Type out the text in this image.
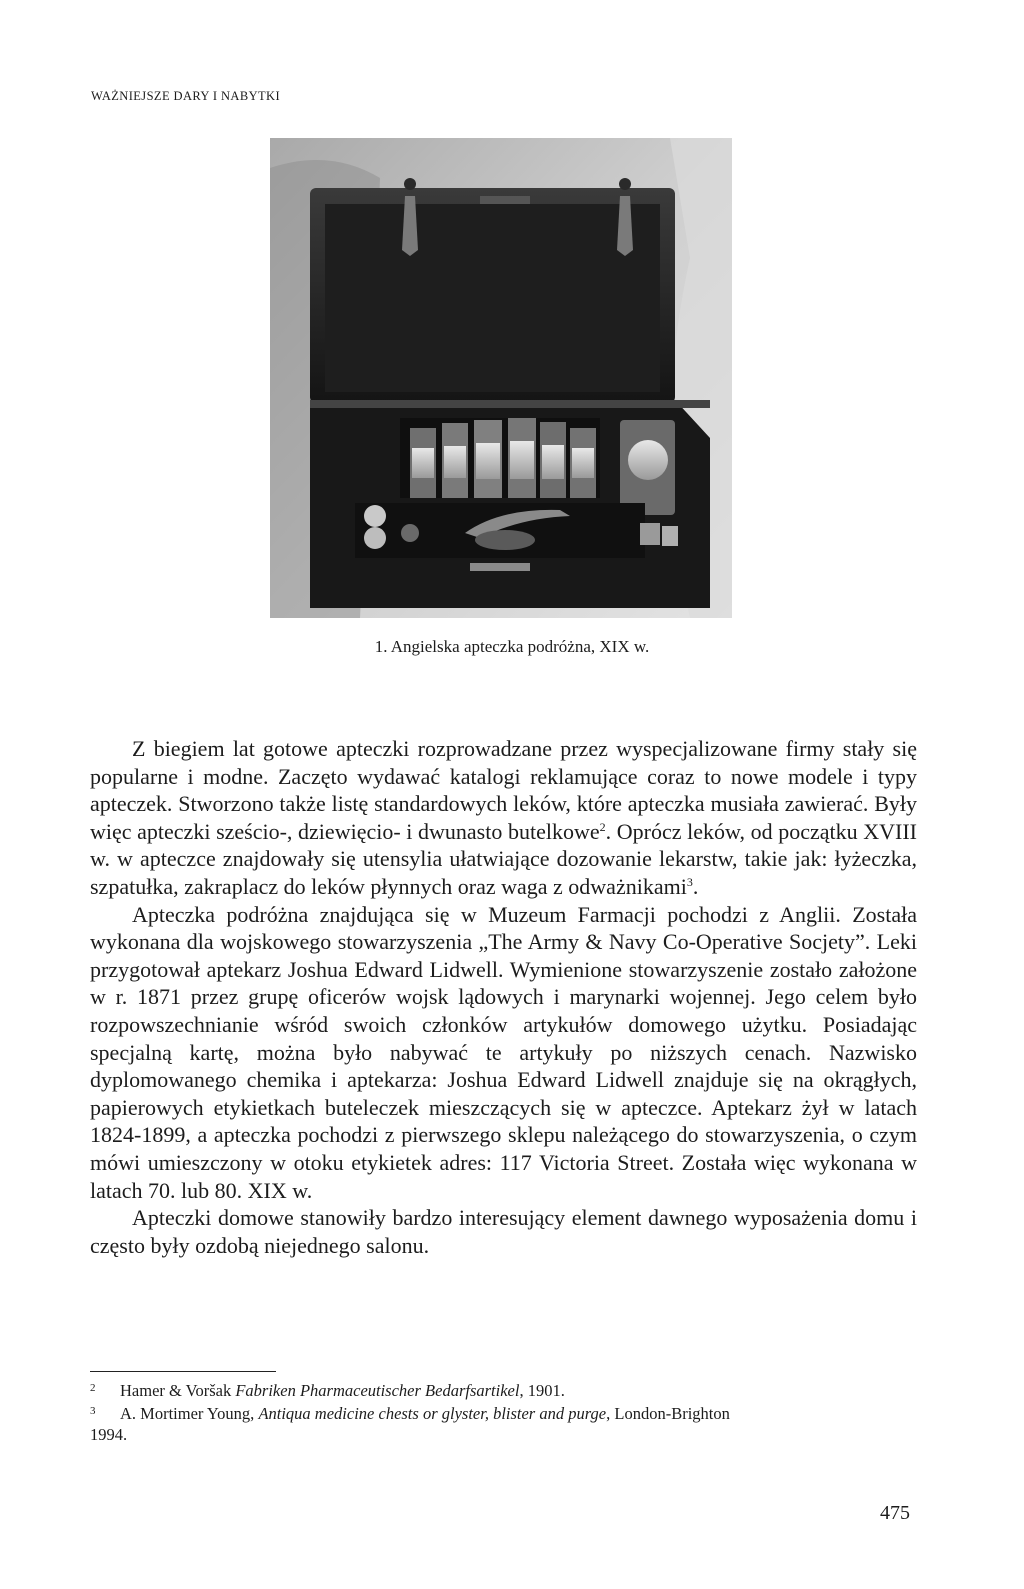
WAŻNIEJSZE DARY I NABYTKI
1. Angielska apteczka podróżna, XIX w.

Z biegiem lat gotowe apteczki rozprowadzane przez wyspecjalizowane firmy stały się popularne i modne. Zaczęto wydawać katalogi reklamujące coraz to nowe modele i typy apteczek. Stworzono także listę standardowych leków, które apteczka musiała zawierać. Były więc apteczki sześcio-, dziewięcio- i dwunasto butelkowe$^2$. Oprócz leków, od początku XVIII w. w apteczce znajdowały się utensylia ułatwiające dozowanie lekarstw, takie jak: łyżeczka, szpatułka, zakraplacz do leków płynnych oraz waga z odważnikami$^3$.

Apteczka podróżna znajdująca się w Muzeum Farmacji pochodzi z Anglii. Została wykonana dla wojskowego stowarzyszenia „The Army & Navy Co-Operative Socjety”. Leki przygotował aptekarz Joshua Edward Lidwell. Wymienione stowarzyszenie zostało założone w r. 1871 przez grupę oficerów wojsk lądowych i marynarki wojennej. Jego celem było rozpowszechnianie wśród swoich członków artykułów domowego użytku. Posiadając specjalną kartę, można było nabywać te artykuły po niższych cenach. Nazwisko dyplomowanego chemika i aptekarza: Joshua Edward Lidwell znajduje się na okrągłych, papierowych etykietkach buteleczek mieszczących się w apteczce. Aptekarz żył w latach 1824-1899, a apteczka pochodzi z pierwszego sklepu należącego do stowarzyszenia, o czym mówi umieszczony w otoku etykietek adres: 117 Victoria Street. Została więc wykonana w latach 70. lub 80. XIX w.

Apteczki domowe stanowiły bardzo interesujący element dawnego wyposażenia domu i często były ozdobą niejednego salonu.

2 Hamer & Voršak Fabriken Pharmaceutischer Bedarfsartikel, 1901.

3 A. Mortimer Young, Antiqua medicine chests or glyster, blister and purge, London-Brighton

1994.

475
